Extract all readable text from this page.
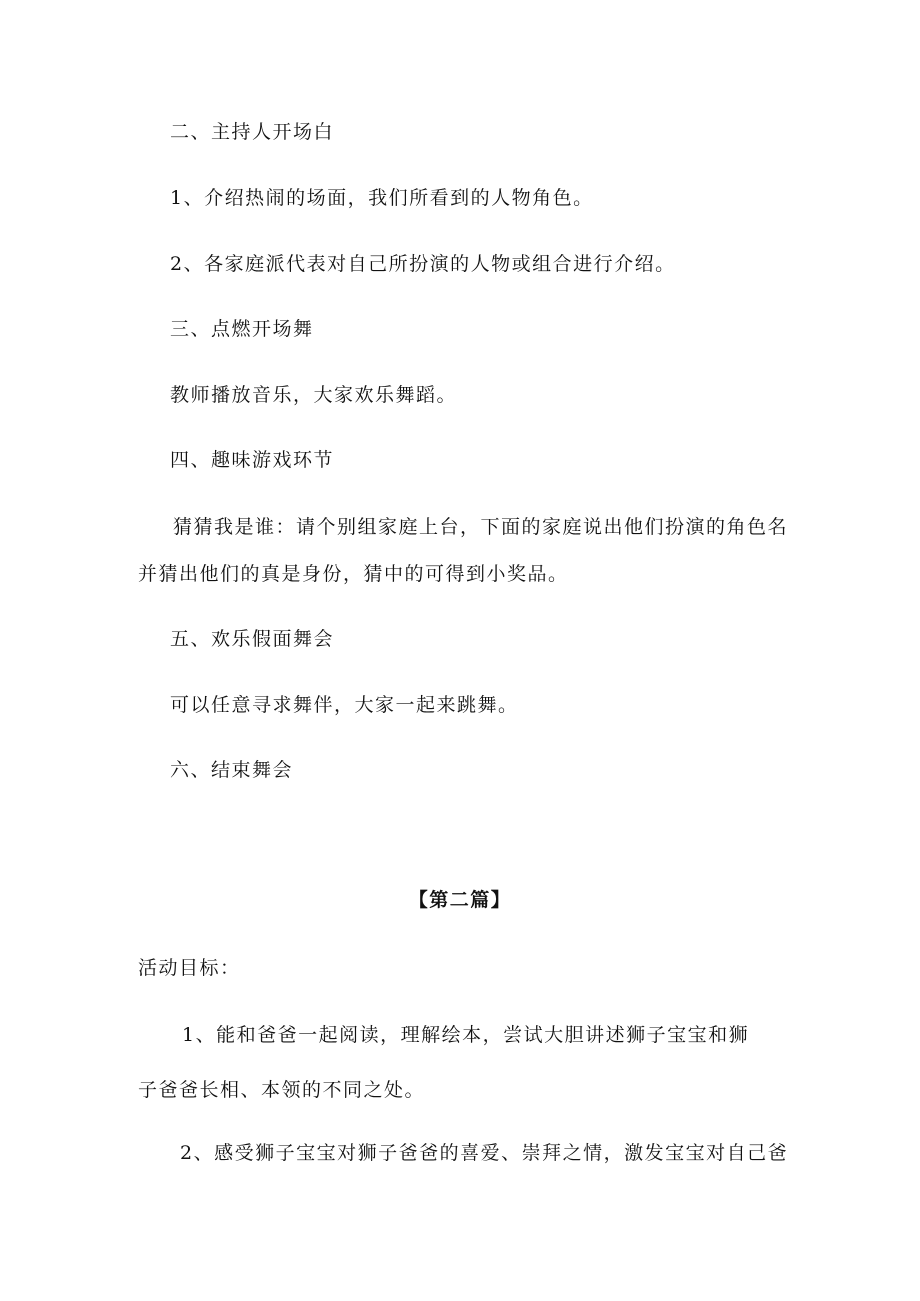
二、主持人开场白
1、介绍热闹的场面，我们所看到的人物角色。
2、各家庭派代表对自己所扮演的人物或组合进行介绍。
三、点燃开场舞
教师播放音乐，大家欢乐舞蹈。
四、趣味游戏环节
猜猜我是谁：请个别组家庭上台，下面的家庭说出他们扮演的角色名
并猜出他们的真是身份，猜中的可得到小奖品。
五、欢乐假面舞会
可以任意寻求舞伴，大家一起来跳舞。
六、结束舞会
【第二篇】
活动目标：
1、能和爸爸一起阅读，理解绘本，尝试大胆讲述狮子宝宝和狮
子爸爸长相、本领的不同之处。
2、感受狮子宝宝对狮子爸爸的喜爱、崇拜之情，激发宝宝对自己爸
